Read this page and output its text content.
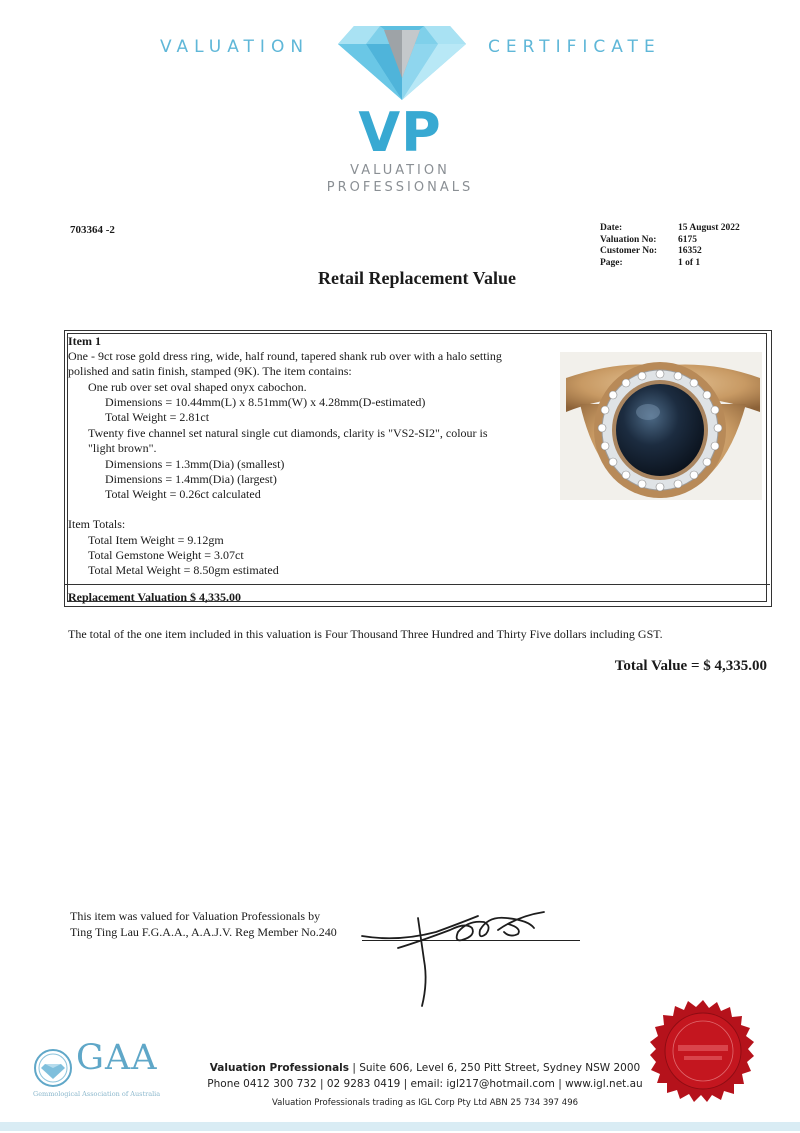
VALUATION	CERTIFICATE
VP
VALUATION
PROFESSIONALS
703364 -2	Date:	15 August 2022
Valuation No:	6175
Customer No:	16352
Page:	1 of 1
Retail Replacement Value
Item 1
One - 9ct rose gold dress ring, wide, half round, tapered shank rub over with a halo setting
polished and satin finish, stamped (9K). The item contains:
One rub over set oval shaped onyx cabochon.
Dimensions = 10.44mm(L) x 8.51mm(W) x 4.28mm(D-estimated)
Total Weight = 2.81ct
Twenty five channel set natural single cut diamonds, clarity is "VS2-SI2", colour is
"light brown".
Dimensions = 1.3mm(Dia) (smallest)
Dimensions = 1.4mm(Dia) (largest)
Total Weight = 0.26ct calculated
Item Totals:
Total Item Weight = 9.12gm
Total Gemstone Weight = 3.07ct
Total Metal Weight = 8.50gm estimated
Replacement Valuation $ 4,335.00
The total of the one item included in this valuation is Four Thousand Three Hundred and Thirty Five dollars including GST.
Total Value = $ 4,335.00
This item was valued for Valuation Professionals by
Ting Ting Lau F.G.A.A., A.A.J.V. Reg Member No.240
GAA
Gemmological Association of Australia
Valuation Professionals | Suite 606, Level 6, 250 Pitt Street, Sydney NSW 2000
Phone 0412 300 732 | 02 9283 0419 | email: igl217@hotmail.com | www.igl.net.au
Valuation Professionals trading as IGL Corp Pty Ltd ABN 25 734 397 496
